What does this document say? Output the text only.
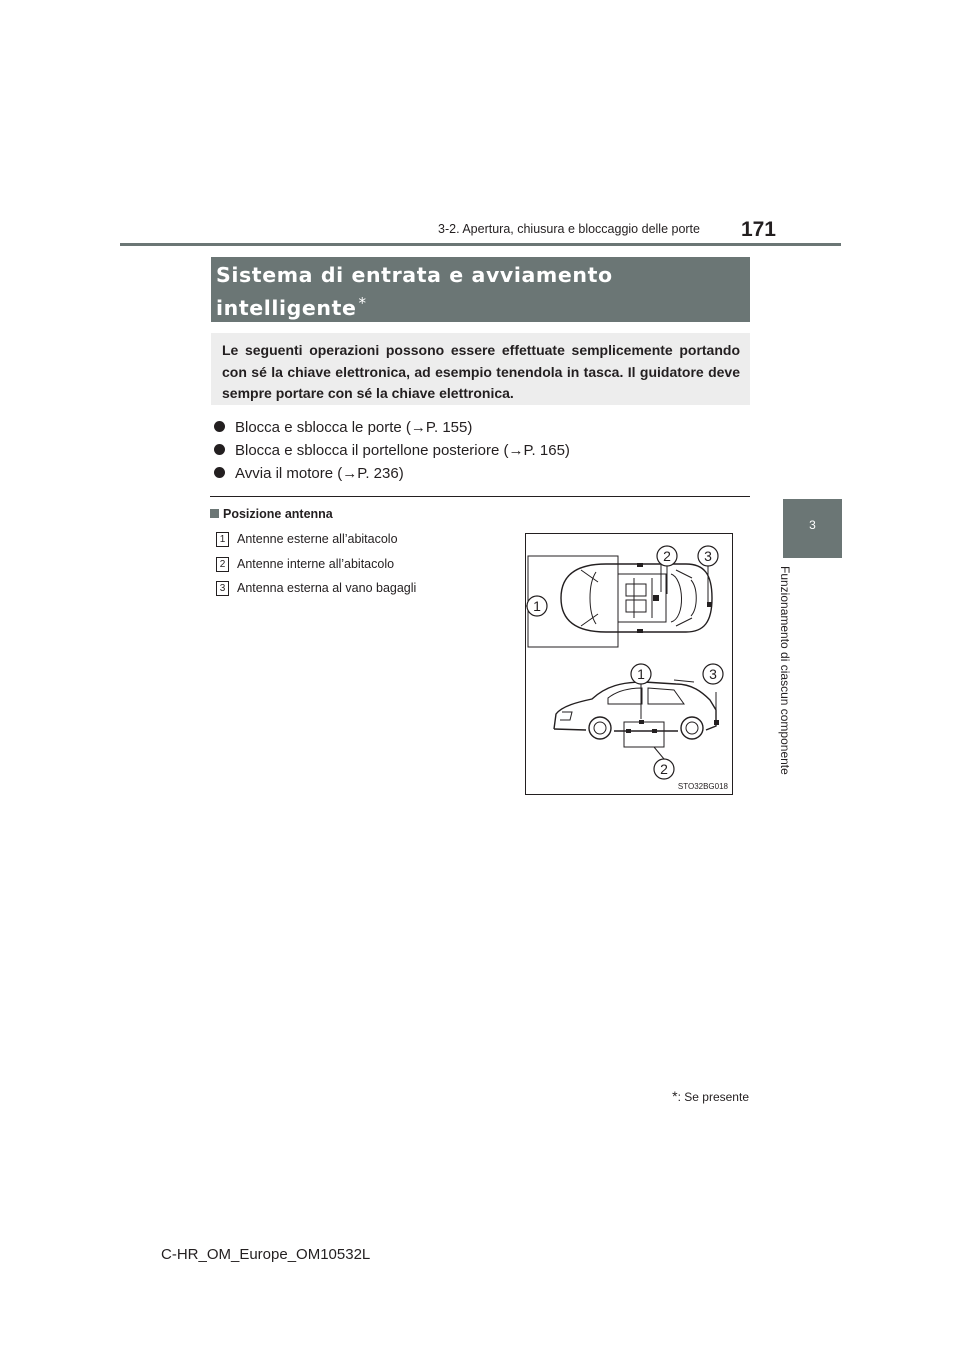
3-2. Apertura, chiusura e bloccaggio delle porte	171
3
Funzionamento di ciascun componente
Sistema di entrata e avviamento
intelligente *
Le seguenti operazioni possono essere effettuate semplicemente portando con sé la chiave elettronica, ad esempio tenendola in tasca. Il guidatore deve sempre portare con sé la chiave elettronica.
Blocca e sblocca le porte (→P. 155)
Blocca e sblocca il portellone posteriore (→P. 165)
Avvia il motore (→P. 236)
Posizione antenna
1 Antenne esterne all’abitacolo
2 Antenne interne all’abitacolo
3 Antenna esterna al vano bagagli
2 3
1
1	3
2
STO32BG018
*: Se presente
C-HR_OM_Europe_OM10532L
